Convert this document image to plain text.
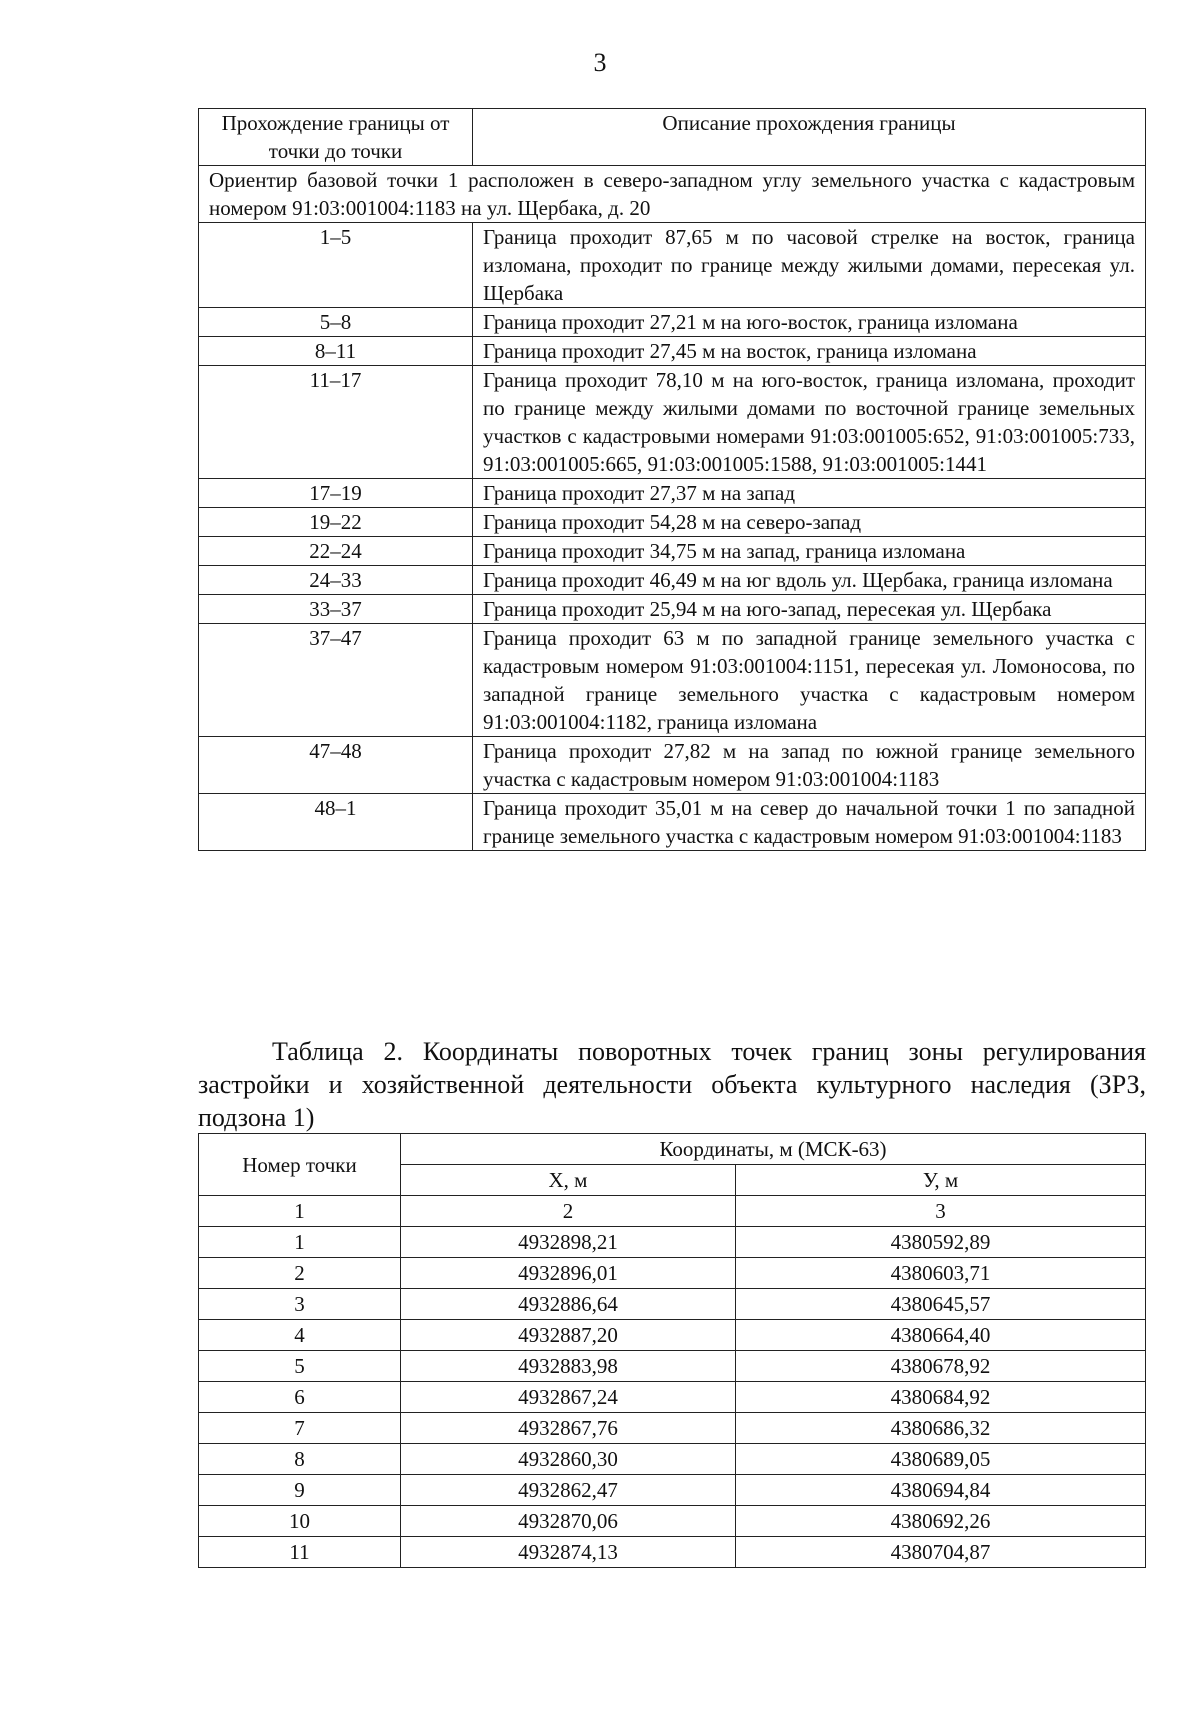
3
Прохождение границы от точки до точки	Описание прохождения границы
Ориентир базовой точки 1 расположен в северо-западном углу земельного участка с кадастровым номером 91:03:001004:1183 на ул. Щербака, д. 20	
1–5	Граница проходит 87,65 м по часовой стрелке на восток, граница изломана, проходит по границе между жилыми домами, пересекая ул. Щербака
5–8	Граница проходит 27,21 м на юго-восток, граница изломана
8–11	Граница проходит 27,45 м на восток, граница изломана
11–17	Граница проходит 78,10 м на юго-восток, граница изломана, проходит по границе между жилыми домами по восточной границе земельных участков с кадастровыми номерами 91:03:001005:652, 91:03:001005:733, 91:03:001005:665, 91:03:001005:1588, 91:03:001005:1441
17–19	Граница проходит 27,37 м на запад
19–22	Граница проходит 54,28 м на северо-запад
22–24	Граница проходит 34,75 м на запад, граница изломана
24–33	Граница проходит 46,49 м на юг вдоль ул. Щербака, граница изломана
33–37	Граница проходит 25,94 м на юго-запад, пересекая ул. Щербака
37–47	Граница проходит 63 м по западной границе земельного участка с кадастровым номером 91:03:001004:1151, пересекая ул. Ломоносова, по западной границе земельного участка с кадастровым номером 91:03:001004:1182, граница изломана
47–48	Граница проходит 27,82 м на запад по южной границе земельного участка с кадастровым номером 91:03:001004:1183
48–1	Граница проходит 35,01 м на север до начальной точки 1 по западной границе земельного участка с кадастровым номером 91:03:001004:1183
Таблица 2. Координаты поворотных точек границ зоны регулирования застройки и хозяйственной деятельности объекта культурного наследия (ЗРЗ, подзона 1)
Номер точки	Координаты, м (МСК-63)	
	Х, м	У, м
1	2	3
1	4932898,21	4380592,89
2	4932896,01	4380603,71
3	4932886,64	4380645,57
4	4932887,20	4380664,40
5	4932883,98	4380678,92
6	4932867,24	4380684,92
7	4932867,76	4380686,32
8	4932860,30	4380689,05
9	4932862,47	4380694,84
10	4932870,06	4380692,26
11	4932874,13	4380704,87
